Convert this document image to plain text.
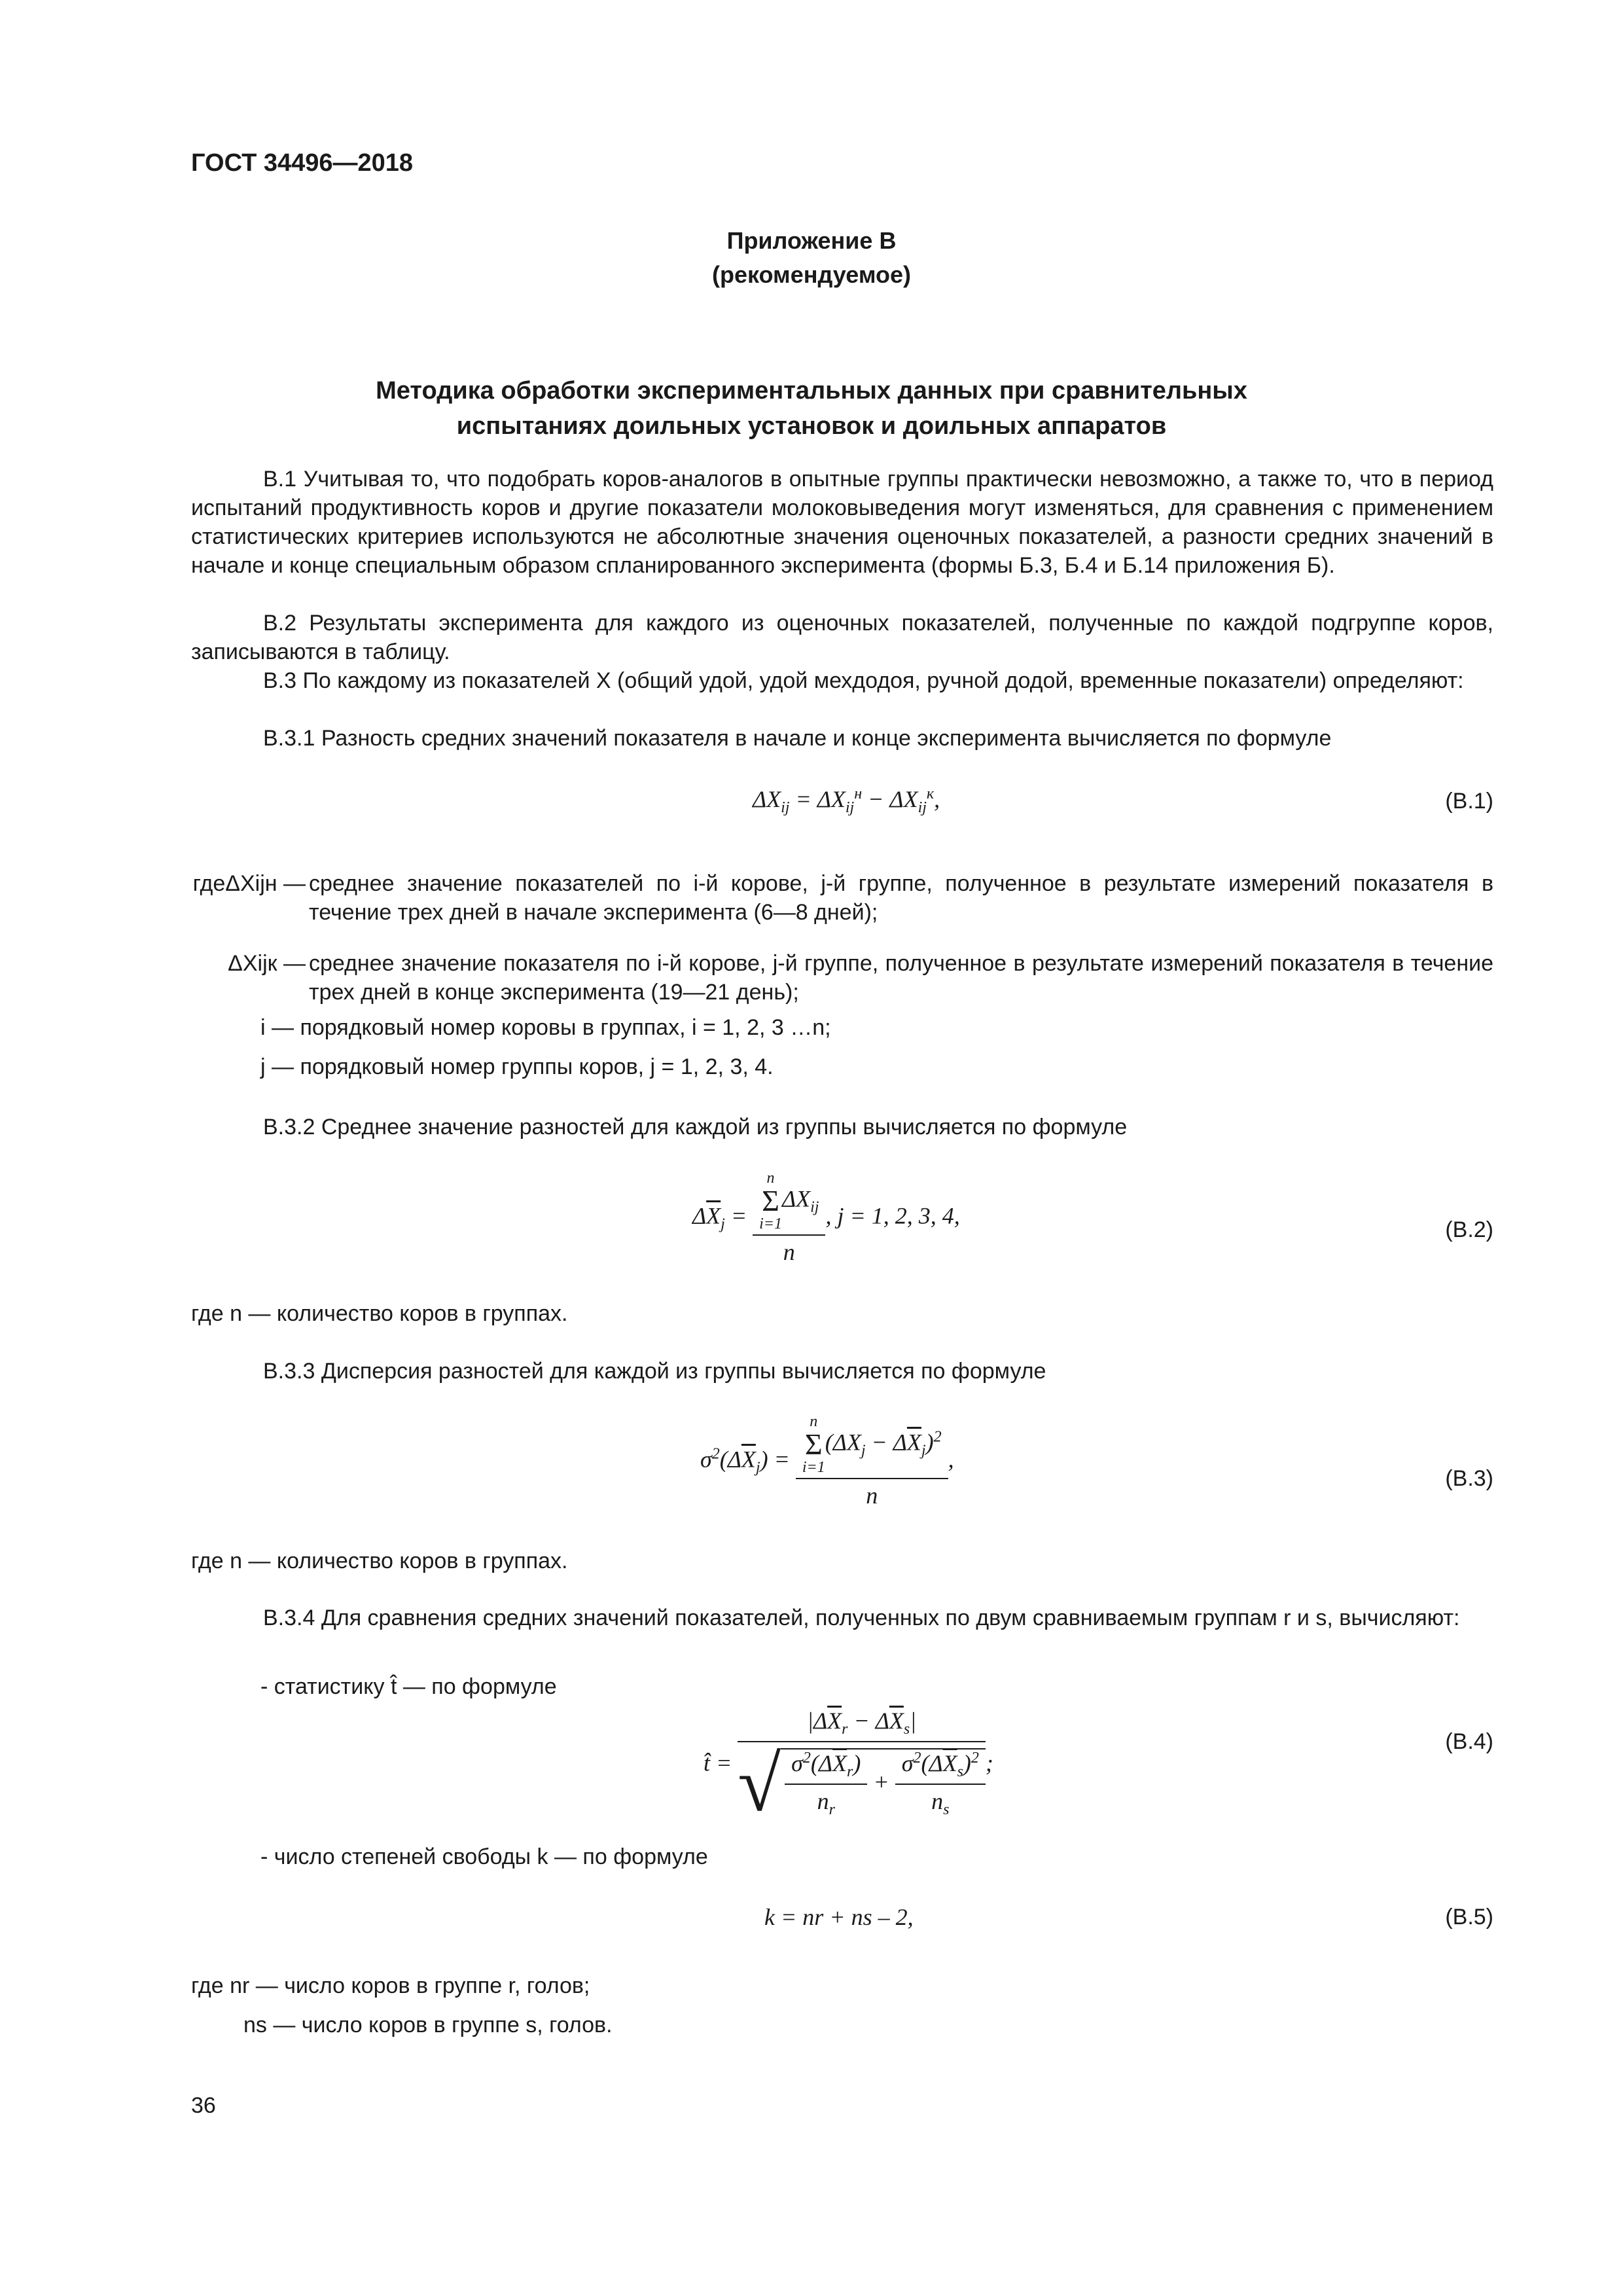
ГОСТ 34496—2018
Приложение В
(рекомендуемое)
Методика обработки экспериментальных данных при сравнительных
испытаниях доильных установок и доильных аппаратов
В.1 Учитывая то, что подобрать коров-аналогов в опытные группы практически невозможно, а также то, что в период испытаний продуктивность коров и другие показатели молоковыведения могут изменяться, для сравнения с применением статистических критериев используются не абсолютные значения оценочных показателей, а разности средних значений в начале и конце специальным образом спланированного эксперимента (формы Б.3, Б.4 и Б.14 приложения Б).
В.2 Результаты эксперимента для каждого из оценочных показателей, полученные по каждой подгруппе коров, записываются в таблицу.
В.3 По каждому из показателей X (общий удой, удой мехдодоя, ручной додой, временные показатели) определяют:
В.3.1 Разность средних значений показателя в начале и конце эксперимента вычисляется по формуле
$\Delta X_{ij} = \Delta X_{ij}^н - \Delta X_{ij}^к$,	(В.1)
гдеΔXijн — среднее значение показателей по i-й корове, j-й группе, полученное в результате измерений показателя в течение трех дней в начале эксперимента (6—8 дней);
ΔXijк — среднее значение показателя по i-й корове, j-й группе, полученное в результате измерений показателя в течение трех дней в конце эксперимента (19—21 день);
i — порядковый номер коровы в группах, i = 1, 2, 3 …n;
j — порядковый номер группы коров, j = 1, 2, 3, 4.
В.3.2 Среднее значение разностей для каждой из группы вычисляется по формуле
$\Delta\overline{X}_j = n$
Σ
i=1
$\Delta X_{ij}$
n , j = 1, 2, 3, 4,
(В.2)
где n — количество коров в группах.
В.3.3 Дисперсия разностей для каждой из группы вычисляется по формуле
$\sigma^2(\Delta\overline{X}_j) = n$
Σ
i=1
$(\Delta X_j - \Delta\overline{X}_j)^2$
n ,
(В.3)
где n — количество коров в группах.
В.3.4 Для сравнения средних значений показателей, полученных по двум сравниваемым группам r и s, вычисляют:
- статистику t̂ — по формуле
t̂ = $\frac{|\Delta\overline{X}_r - \Delta\overline{X}_s|}{√ \frac{\sigma^2(\Delta\overline{X}_r)}{n_r} + \frac{\sigma^2(\Delta\overline{X}_s)^2}{n_s}}$ ;
(В.4)
- число степеней свободы k — по формуле
k = nr + ns – 2,	(В.5)
где nr — число коров в группе r, голов;
ns — число коров в группе s, голов.
36
